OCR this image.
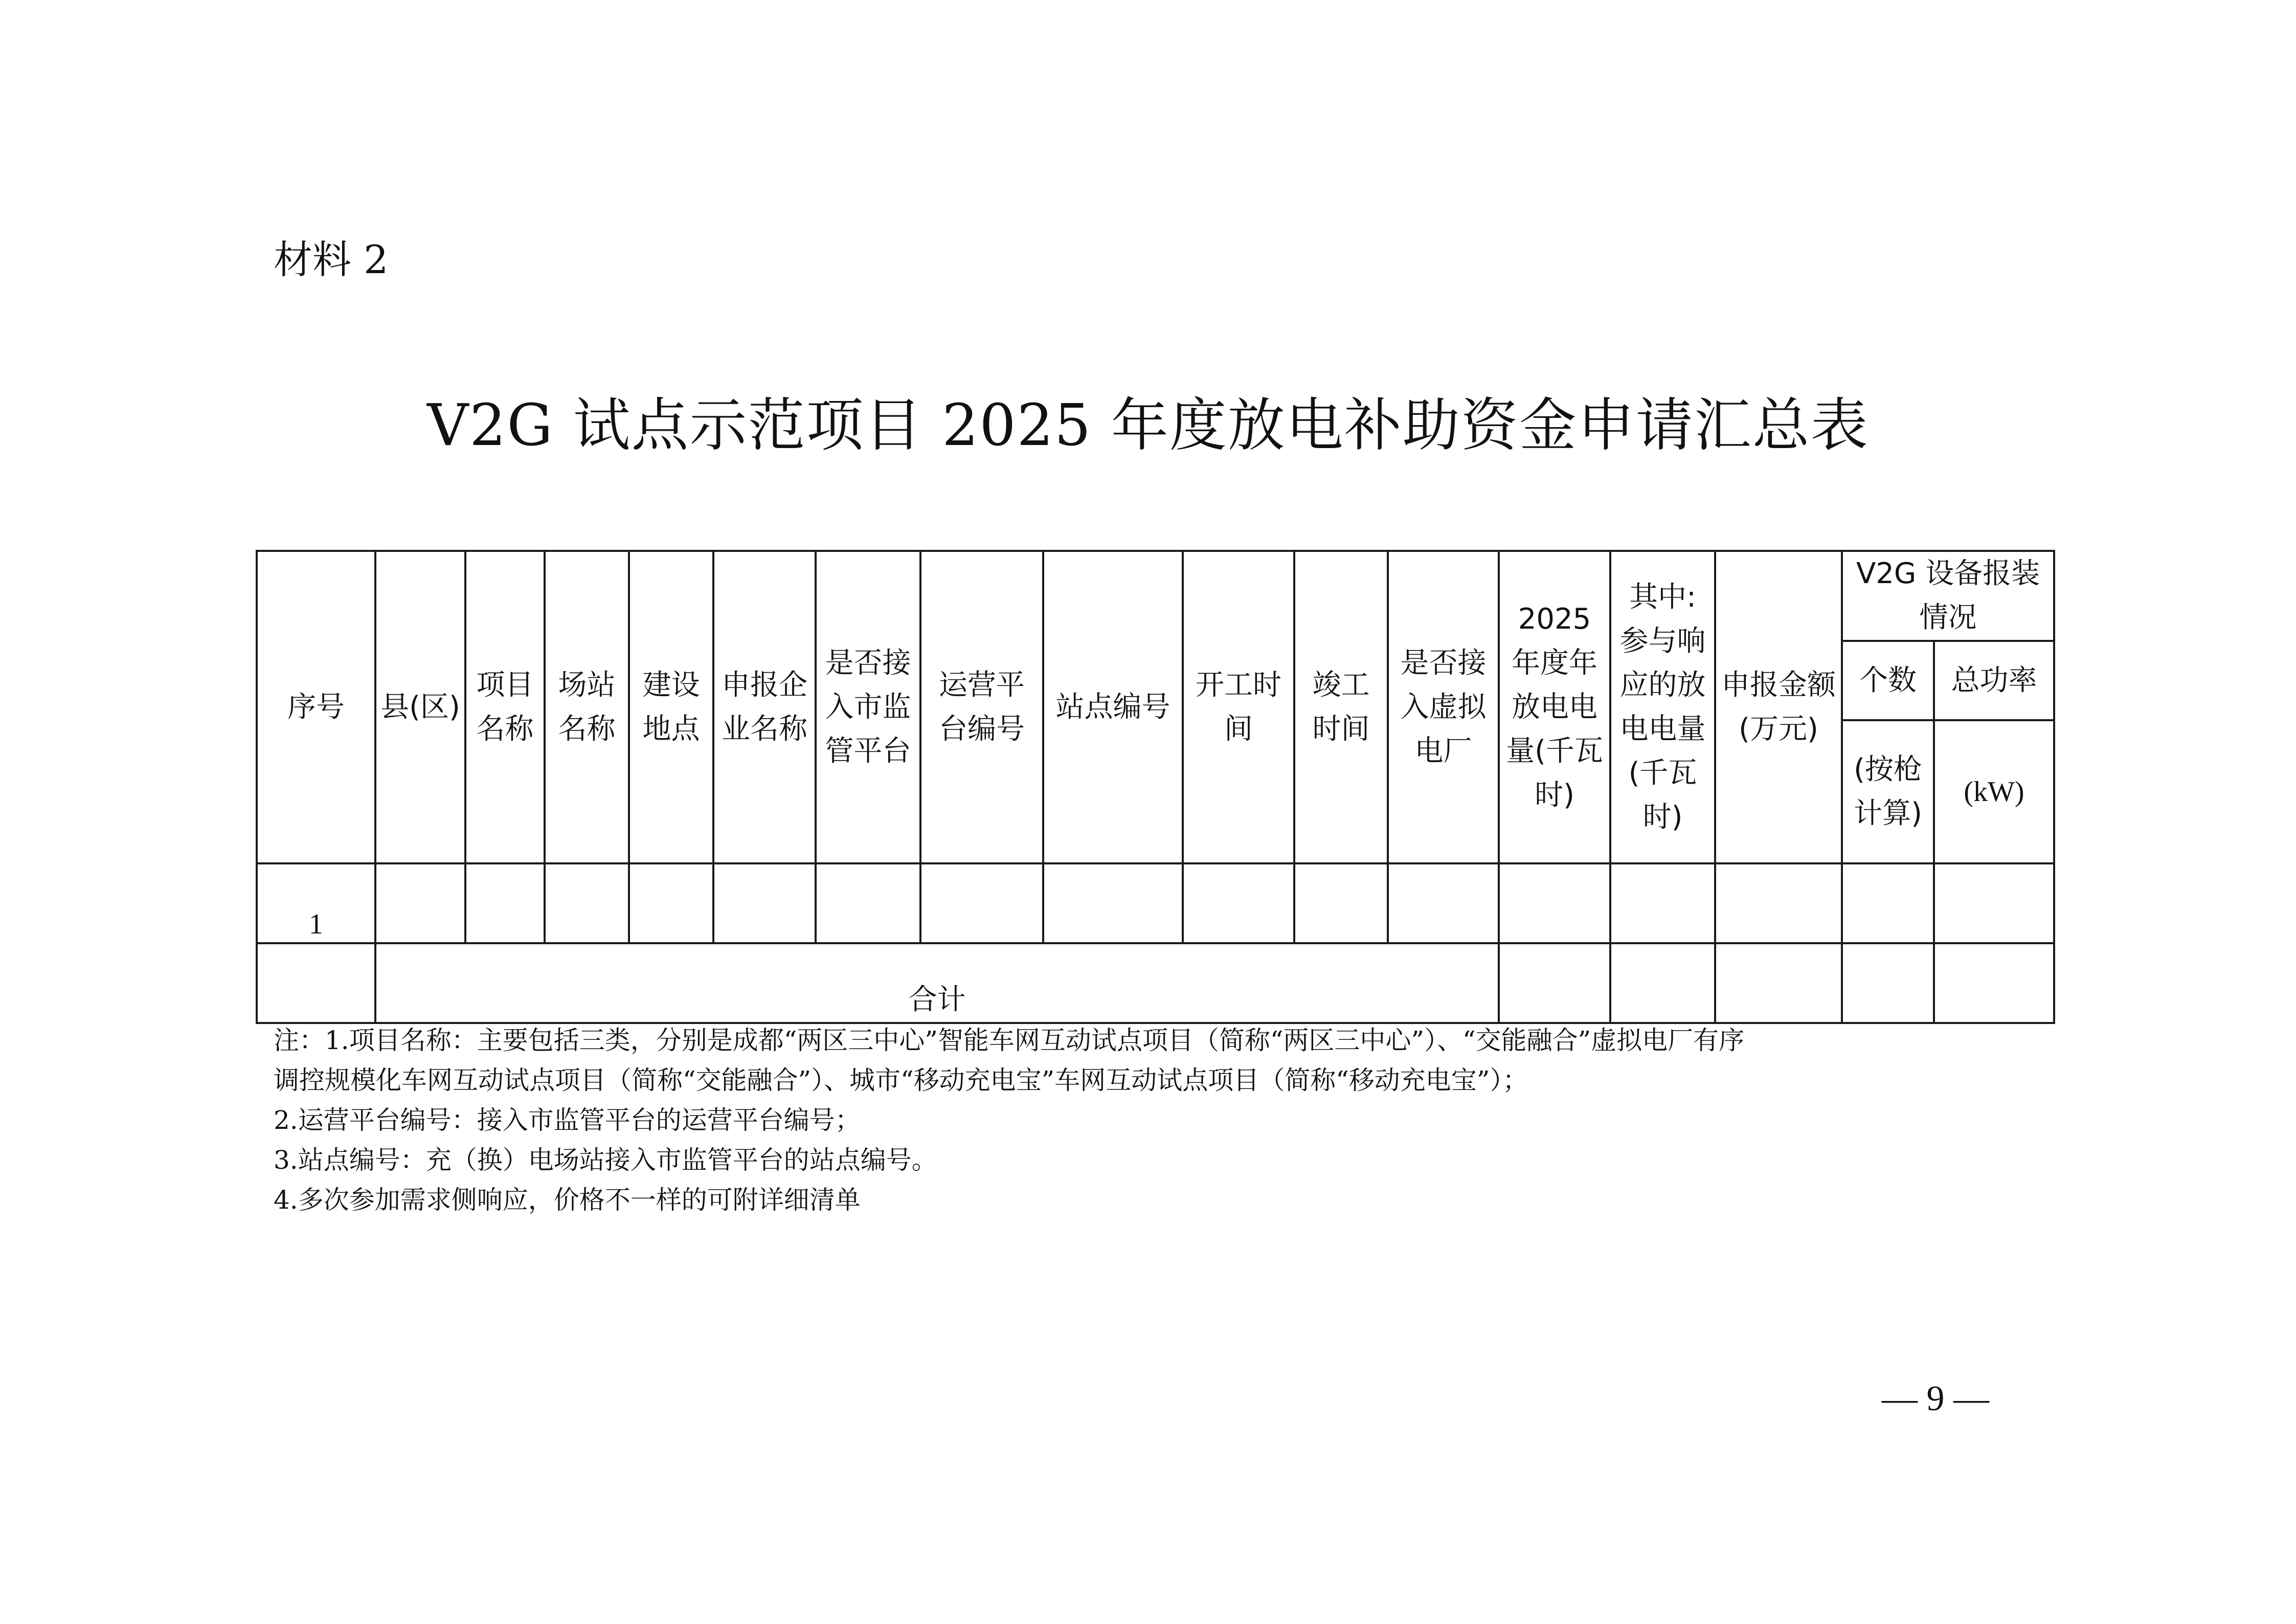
材料 2
V2G 试点示范项目 2025 年度放电补助资金申请汇总表
序号	县(区)	项目名称	场站名称	建设地点	申报企业名称	是否接入市监管平台	运营平台编号	站点编号	开工时间	竣工时间	是否接入虚拟电厂	2025年度年放电电量(千瓦时)	其中:参与响应的放电电量(千瓦时)	申报金额(万元)	V2G 设备报装情况	
															个数	总功率
															(按枪计算)	(kW)
1																
	合计															

注：1.项目名称：主要包括三类，分别是成都“两区三中心”智能车网互动试点项目（简称“两区三中心”）、“交能融合”虚拟电厂有序

调控规模化车网互动试点项目（简称“交能融合”）、城市“移动充电宝”车网互动试点项目（简称“移动充电宝”）；

2.运营平台编号：接入市监管平台的运营平台编号；

3.站点编号：充（换）电场站接入市监管平台的站点编号。

4.多次参加需求侧响应，价格不一样的可附详细清单

— 9 —
